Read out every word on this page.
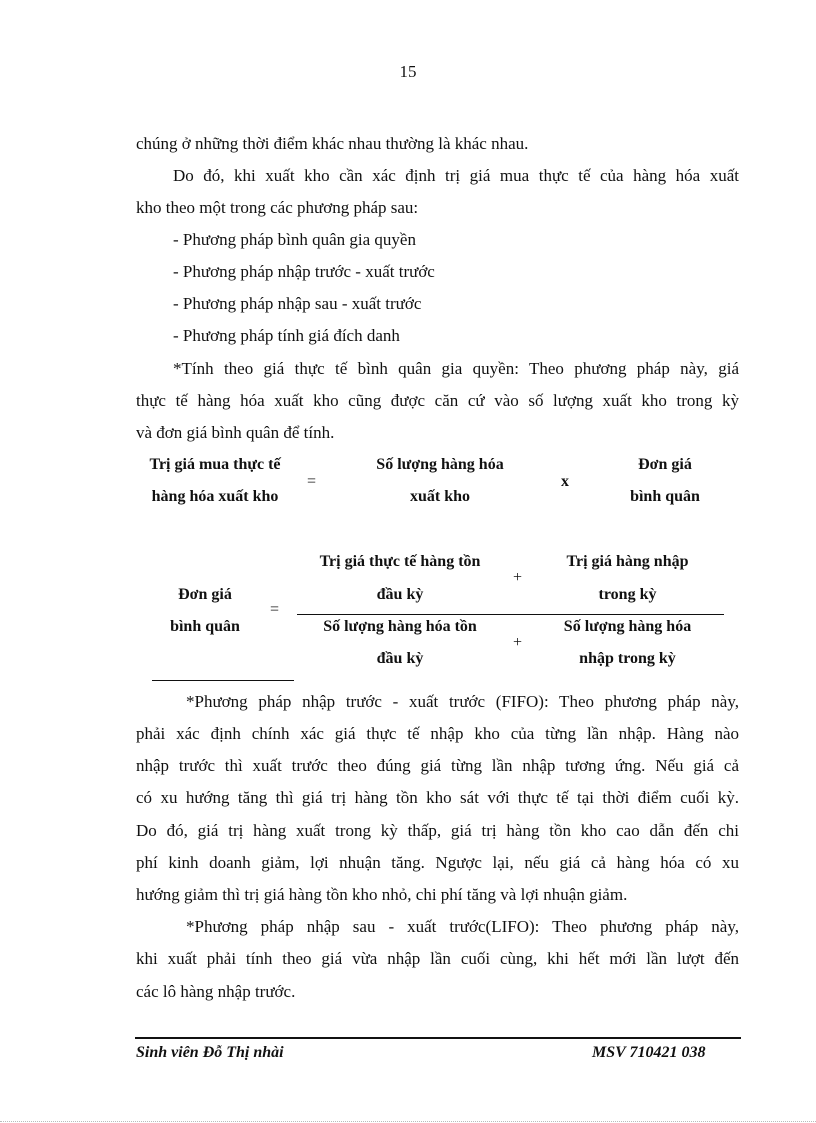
15
chúng ở những thời điểm khác nhau thường là khác nhau.
Do đó, khi xuất kho cần xác định trị giá mua thực tế của hàng hóa xuất
kho theo một trong các phương pháp sau:
- Phương pháp bình quân gia quyền
- Phương pháp nhập trước - xuất trước
- Phương pháp nhập sau - xuất trước
- Phương pháp tính giá đích danh
*Tính theo giá thực tế bình quân gia quyền: Theo phương pháp này, giá
thực tế hàng hóa xuất kho cũng được căn cứ vào số lượng xuất kho trong kỳ
và đơn giá bình quân để tính.
Trị giá mua thực tế
hàng hóa xuất kho
=
Số lượng hàng hóa
xuất kho
x
Đơn giá
bình quân
Đơn giá
bình quân
=
Trị giá thực tế hàng tồn
đầu kỳ
+
Trị giá hàng nhập
trong kỳ
Số lượng hàng hóa tồn
đầu kỳ
+
Số lượng hàng hóa
nhập trong kỳ
*Phương pháp nhập trước - xuất trước (FIFO): Theo phương pháp này,
phải xác định chính xác giá thực tế nhập kho của từng lần nhập. Hàng nào
nhập trước thì xuất trước theo đúng giá từng lần nhập tương ứng. Nếu giá cả
có xu hướng tăng thì giá trị hàng tồn kho sát với thực tế tại thời điểm cuối kỳ.
Do đó, giá trị hàng xuất trong kỳ thấp, giá trị hàng tồn kho cao dẫn đến chi
phí kinh doanh giảm, lợi nhuận tăng. Ngược lại, nếu giá cả hàng hóa có xu
hướng giảm thì trị giá hàng tồn kho nhỏ, chi phí tăng và lợi nhuận giảm.
*Phương pháp nhập sau - xuất trước(LIFO): Theo phương pháp này,
khi xuất phải tính theo giá vừa nhập lần cuối cùng, khi hết mới lần lượt đến
các lô hàng nhập trước.
Sinh viên Đỗ Thị nhài	MSV 710421 038
